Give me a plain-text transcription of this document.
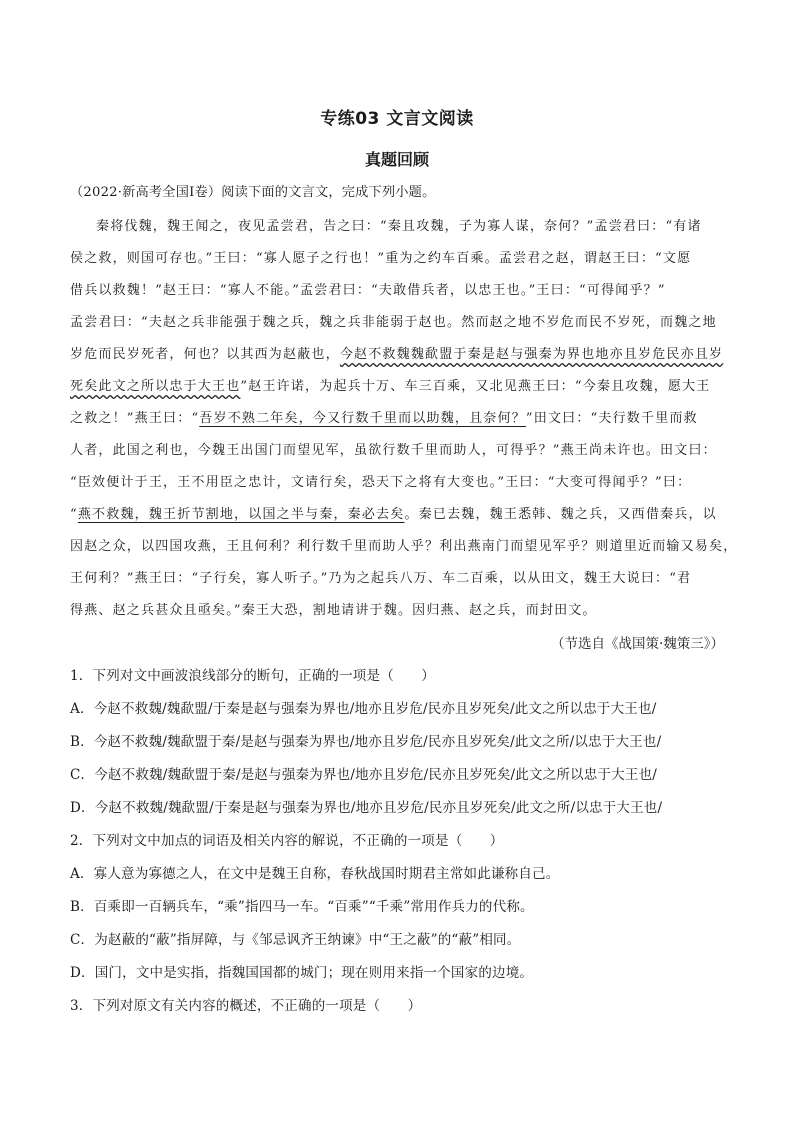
专练03 文言文阅读
真题回顾
（2022·新高考全国Ⅰ卷）阅读下面的文言文，完成下列小题。
秦将伐魏，魏王闻之，夜见孟尝君，告之曰：“秦且攻魏，子为寡人谋，奈何？”孟尝君曰：“有诸
侯之救，则国可存也。”王曰：“寡人愿子之行也！”重为之约车百乘。孟尝君之赵，谓赵王曰：“文愿
借兵以救魏！”赵王曰：“寡人不能。”孟尝君曰：“夫敢借兵者，以忠王也。”王曰：“可得闻乎？”
孟尝君曰：“夫赵之兵非能强于魏之兵，魏之兵非能弱于赵也。然而赵之地不岁危而民不岁死，而魏之地
岁危而民岁死者，何也？以其西为赵蔽也，今赵不救魏魏歃盟于秦是赵与强秦为界也地亦且岁危民亦且岁
死矣此文之所以忠于大王也”赵王许诺，为起兵十万、车三百乘，又北见燕王曰：“今秦且攻魏，愿大王
之救之！”燕王曰：“吾岁不熟二年矣，今又行数千里而以助魏，且奈何？”田文曰：“夫行数千里而救
人者，此国之利也，今魏王出国门而望见军，虽欲行数千里而助人，可得乎？”燕王尚未许也。田文曰：
“臣效便计于王，王不用臣之忠计，文请行矣，恐天下之将有大变也。”王曰：“大变可得闻乎？”曰：
“燕不救魏，魏王折节割地，以国之半与秦，秦必去矣。秦已去魏，魏王悉韩、魏之兵，又西借秦兵，以
因赵之众，以四国攻燕，王且何利？利行数千里而助人乎？利出燕南门而望见军乎？则道里近而输又易矣，
王何利？”燕王曰：“子行矣，寡人听子。”乃为之起兵八万、车二百乘，以从田文，魏王大说曰：“君
得燕、赵之兵甚众且亟矣。”秦王大恐，割地请讲于魏。因归燕、赵之兵，而封田文。
（节选自《战国策·魏策三》）
1．下列对文中画波浪线部分的断句，正确的一项是（　　）
A．今赵不救魏/魏歃盟/于秦是赵与强秦为界也/地亦且岁危/民亦且岁死矣/此文之所以忠于大王也/
B．今赵不救魏/魏歃盟于秦/是赵与强秦为界也/地亦且岁危/民亦且岁死矣/此文之所/以忠于大王也/
C．今赵不救魏/魏歃盟于秦/是赵与强秦为界也/地亦且岁危/民亦且岁死矣/此文之所以忠于大王也/
D．今赵不救魏/魏歃盟/于秦是赵与强秦为界也/地亦且岁危/民亦且岁死矣/此文之所/以忠于大王也/
2．下列对文中加点的词语及相关内容的解说，不正确的一项是（　　）
A．寡人意为寡德之人，在文中是魏王自称，春秋战国时期君主常如此谦称自己。
B．百乘即一百辆兵车，“乘”指四马一车。“百乘”“千乘”常用作兵力的代称。
C．为赵蔽的“蔽”指屏障，与《邹忌讽齐王纳谏》中“王之蔽”的“蔽”相同。
D．国门，文中是实指，指魏国国都的城门；现在则用来指一个国家的边境。
3．下列对原文有关内容的概述，不正确的一项是（　　）
